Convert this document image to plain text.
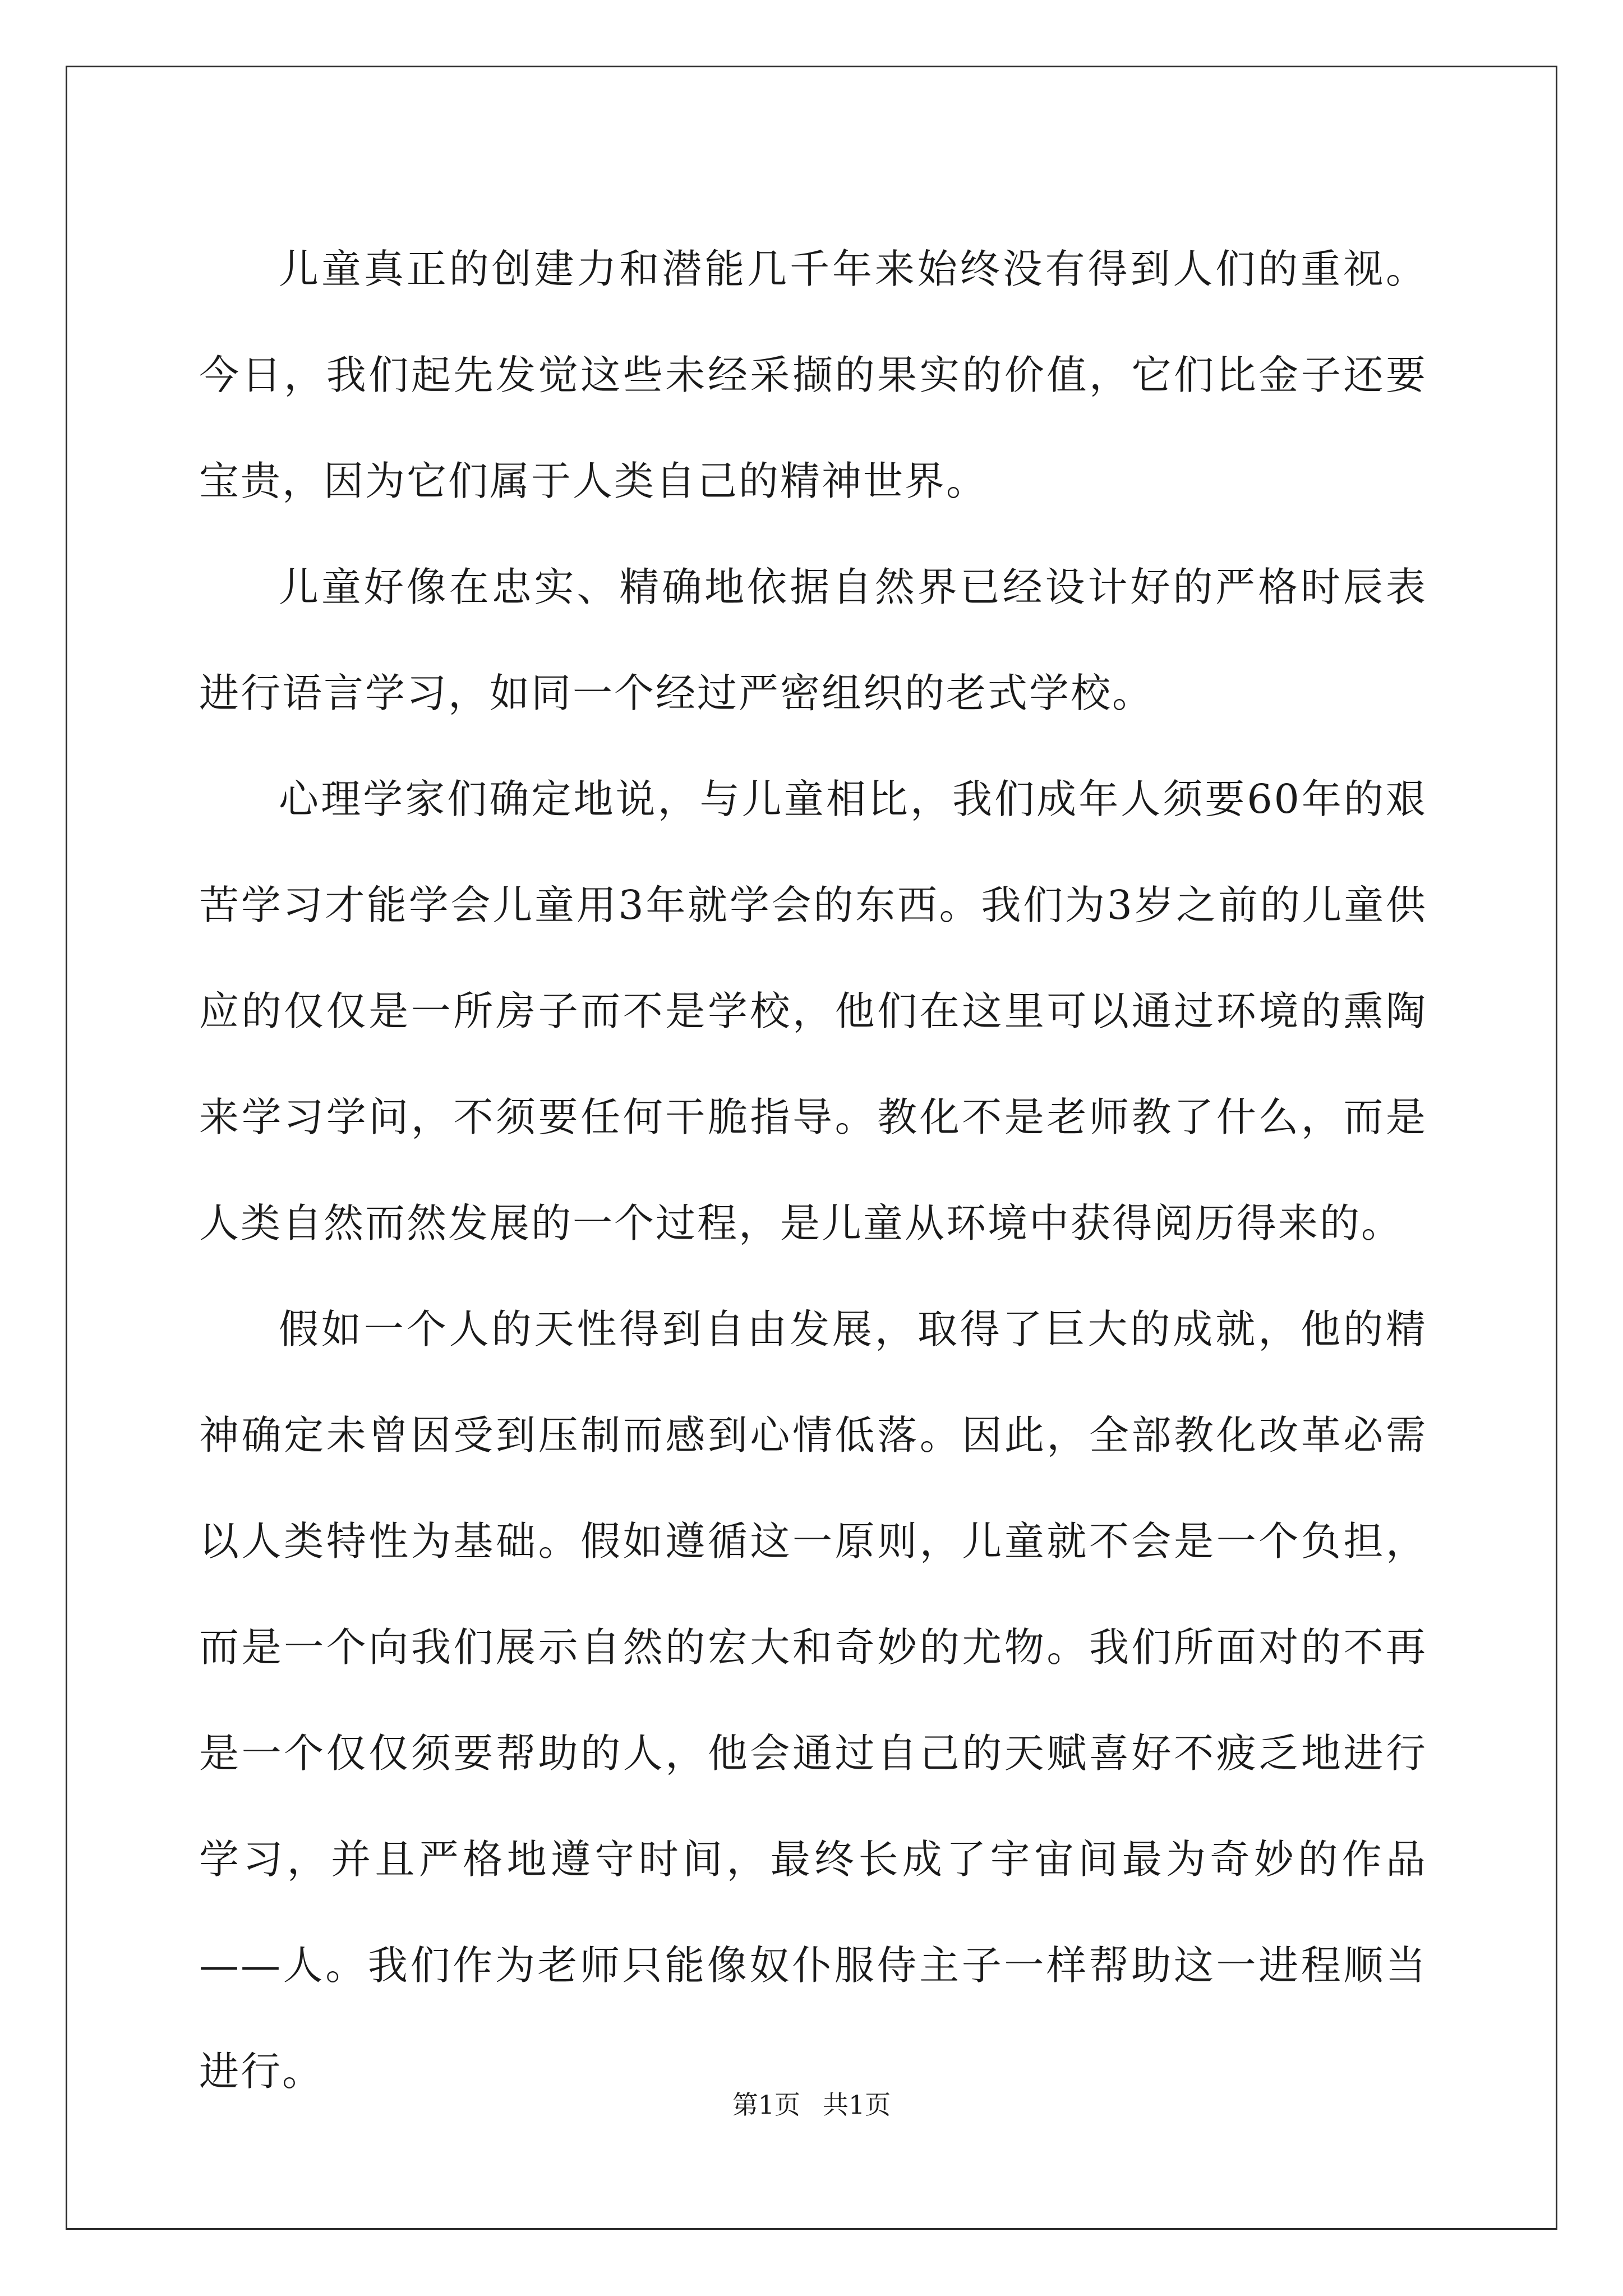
儿童真正的创建力和潜能几千年来始终没有得到人们的重视。今日，我们起先发觉这些未经采撷的果实的价值，它们比金子还要宝贵，因为它们属于人类自己的精神世界。

儿童好像在忠实、精确地依据自然界已经设计好的严格时辰表进行语言学习，如同一个经过严密组织的老式学校。

心理学家们确定地说，与儿童相比，我们成年人须要60年的艰苦学习才能学会儿童用3年就学会的东西。我们为3岁之前的儿童供应的仅仅是一所房子而不是学校，他们在这里可以通过环境的熏陶来学习学问，不须要任何干脆指导。教化不是老师教了什么，而是人类自然而然发展的一个过程，是儿童从环境中获得阅历得来的。

假如一个人的天性得到自由发展，取得了巨大的成就，他的精神确定未曾因受到压制而感到心情低落。因此，全部教化改革必需以人类特性为基础。假如遵循这一原则，儿童就不会是一个负担，而是一个向我们展示自然的宏大和奇妙的尤物。我们所面对的不再是一个仅仅须要帮助的人，他会通过自己的天赋喜好不疲乏地进行学习，并且严格地遵守时间，最终长成了宇宙间最为奇妙的作品——人。我们作为老师只能像奴仆服侍主子一样帮助这一进程顺当进行。

第1页 共1页
